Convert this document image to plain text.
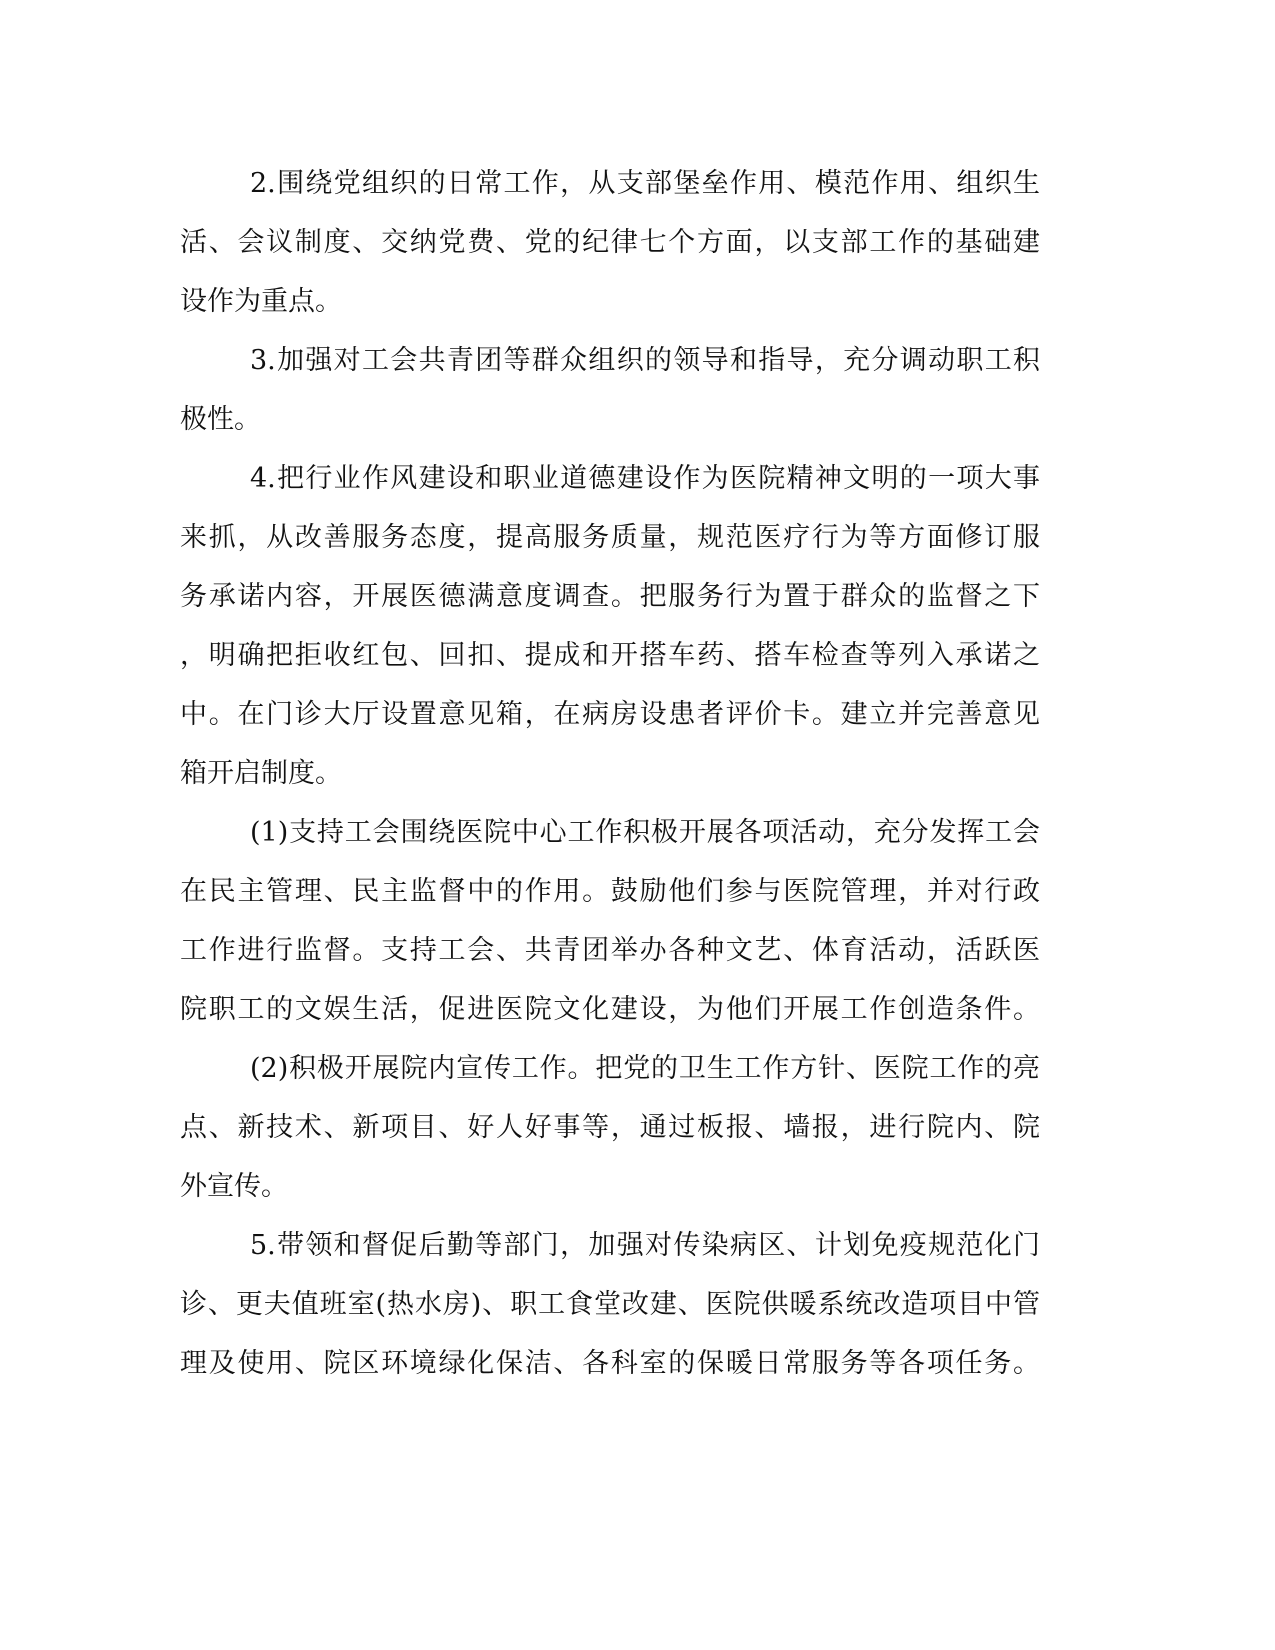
2.围绕党组织的日常工作，从支部堡垒作用、模范作用、组织生
活、会议制度、交纳党费、党的纪律七个方面，以支部工作的基础建
设作为重点。
3.加强对工会共青团等群众组织的领导和指导，充分调动职工积
极性。
4.把行业作风建设和职业道德建设作为医院精神文明的一项大事
来抓，从改善服务态度，提高服务质量，规范医疗行为等方面修订服
务承诺内容，开展医德满意度调查。把服务行为置于群众的监督之下
，明确把拒收红包、回扣、提成和开搭车药、搭车检查等列入承诺之
中。在门诊大厅设置意见箱，在病房设患者评价卡。建立并完善意见
箱开启制度。
(1)支持工会围绕医院中心工作积极开展各项活动，充分发挥工会
在民主管理、民主监督中的作用。鼓励他们参与医院管理，并对行政
工作进行监督。支持工会、共青团举办各种文艺、体育活动，活跃医
院职工的文娱生活，促进医院文化建设，为他们开展工作创造条件。
(2)积极开展院内宣传工作。把党的卫生工作方针、医院工作的亮
点、新技术、新项目、好人好事等，通过板报、墙报，进行院内、院
外宣传。
5.带领和督促后勤等部门，加强对传染病区、计划免疫规范化门
诊、更夫值班室(热水房)、职工食堂改建、医院供暖系统改造项目中管
理及使用、院区环境绿化保洁、各科室的保暖日常服务等各项任务。
